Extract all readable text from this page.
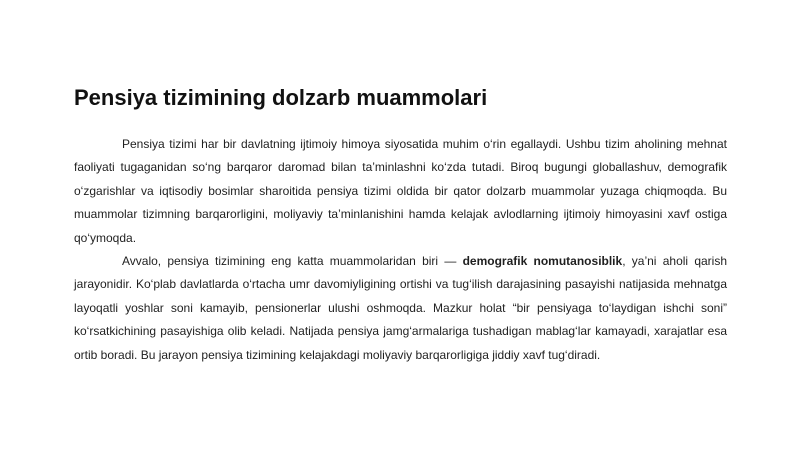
Pensiya tizimining dolzarb muammolari

Pensiya tizimi har bir davlatning ijtimoiy himoya siyosatida muhim o‘rin egallaydi. Ushbu tizim aholining mehnat faoliyati tugaganidan so‘ng barqaror daromad bilan ta’minlashni ko‘zda tutadi. Biroq bugungi globallashuv, demografik o‘zgarishlar va iqtisodiy bosimlar sharoitida pensiya tizimi oldida bir qator dolzarb muammolar yuzaga chiqmoqda. Bu muammolar tizimning barqarorligini, moliyaviy ta’minlanishini hamda kelajak avlodlarning ijtimoiy himoyasini xavf ostiga qo‘ymoqda.

Avvalo, pensiya tizimining eng katta muammolaridan biri — demografik nomutanosiblik, ya’ni aholi qarish jarayonidir. Ko‘plab davlatlarda o‘rtacha umr davomiyligining ortishi va tug‘ilish darajasining pasayishi natijasida mehnatga layoqatli yoshlar soni kamayib, pensionerlar ulushi oshmoqda. Mazkur holat “bir pensiyaga to‘laydigan ishchi soni” ko‘rsatkichining pasayishiga olib keladi. Natijada pensiya jamg‘armalariga tushadigan mablag‘lar kamayadi, xarajatlar esa ortib boradi. Bu jarayon pensiya tizimining kelajakdagi moliyaviy barqarorligiga jiddiy xavf tug‘diradi.
